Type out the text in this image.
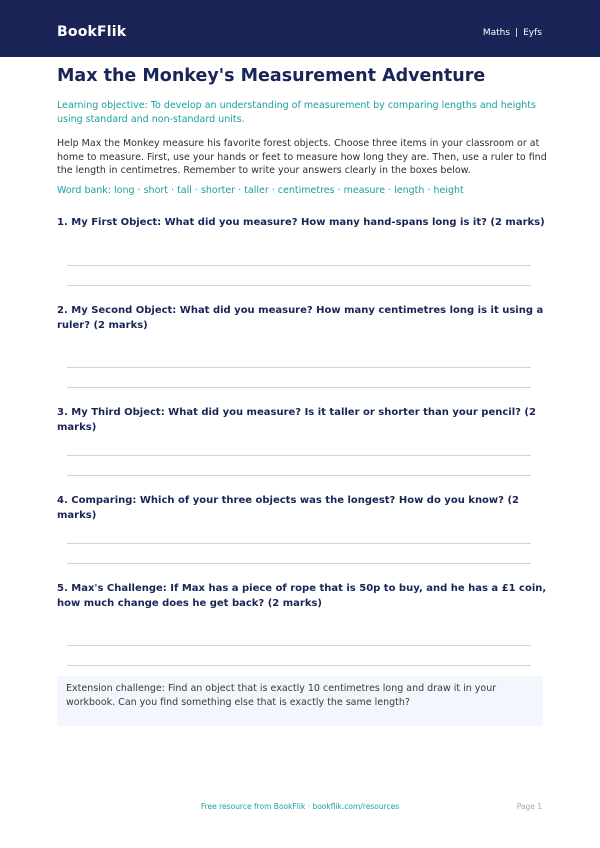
BookFlik	Maths | Eyfs
Max the Monkey's Measurement Adventure

Learning objective: To develop an understanding of measurement by comparing lengths and heights using standard and non-standard units.

Help Max the Monkey measure his favorite forest objects. Choose three items in your classroom or at home to measure. First, use your hands or feet to measure how long they are. Then, use a ruler to find the length in centimetres. Remember to write your answers clearly in the boxes below.

Word bank: long · short · tall · shorter · taller · centimetres · measure · length · height

1. My First Object: What did you measure? How many hand-spans long is it? (2 marks)
2. My Second Object: What did you measure? How many centimetres long is it using a ruler? (2 marks)
3. My Third Object: What did you measure? Is it taller or shorter than your pencil? (2 marks)
4. Comparing: Which of your three objects was the longest? How do you know? (2 marks)
5. Max's Challenge: If Max has a piece of rope that is 50p to buy, and he has a £1 coin, how much change does he get back? (2 marks)
Extension challenge: Find an object that is exactly 10 centimetres long and draw it in your workbook. Can you find something else that is exactly the same length?
Free resource from BookFlik · bookflik.com/resources	Page 1
